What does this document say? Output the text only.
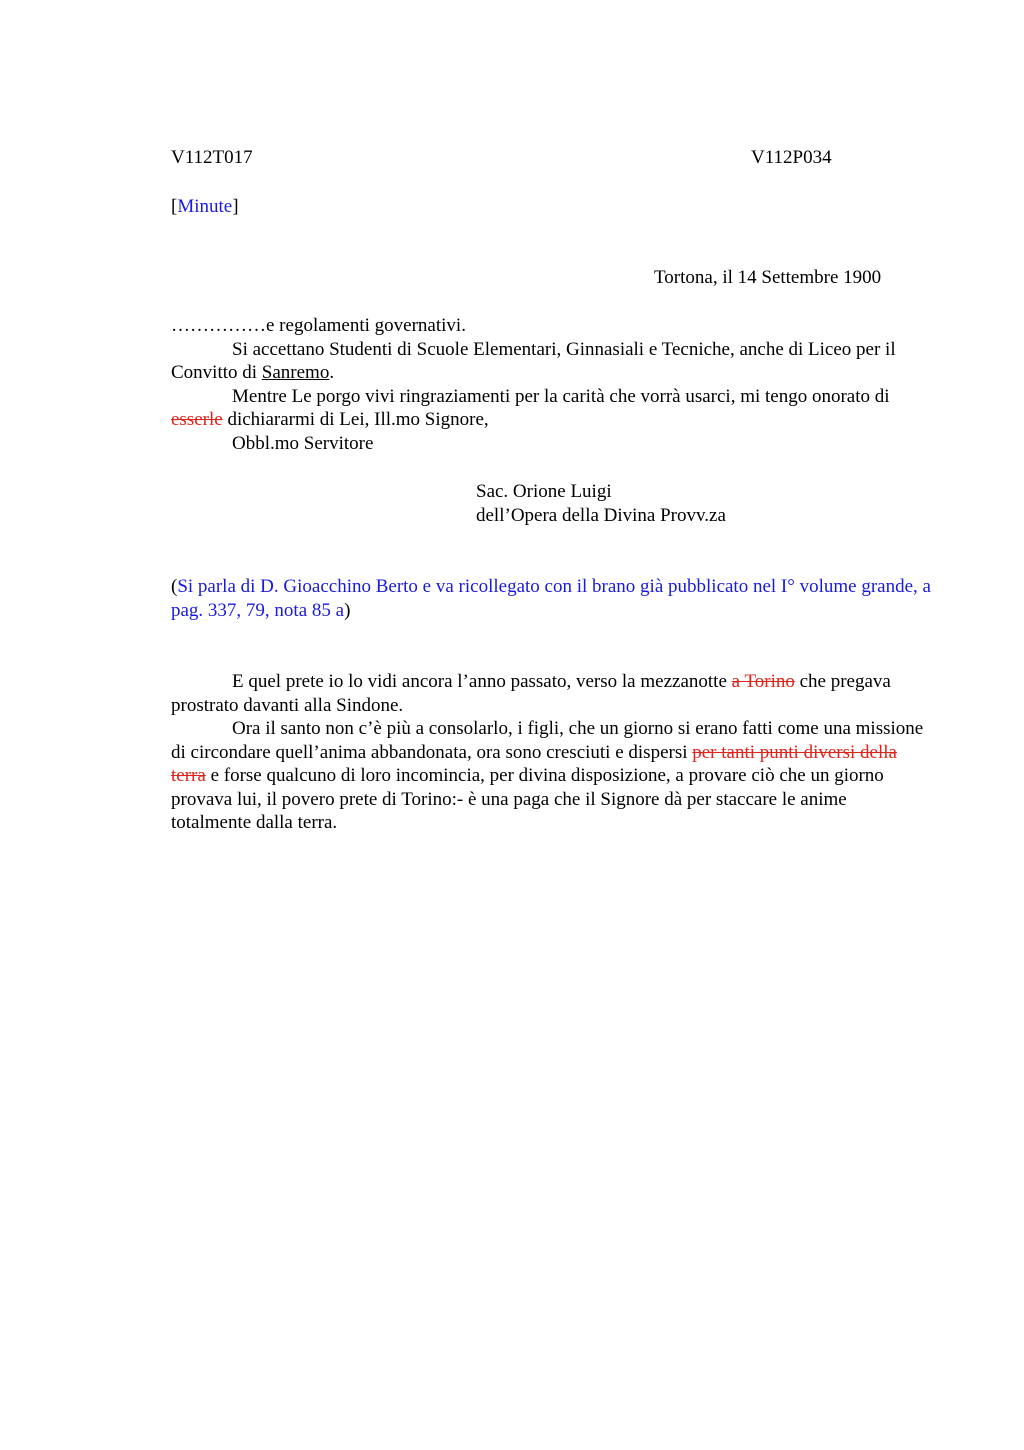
V112T017	V112P034
[Minute]
Tortona, il 14 Settembre 1900

……………e regolamenti governativi.

Si accettano Studenti di Scuole Elementari, Ginnasiali e Tecniche, anche di Liceo per il Convitto di Sanremo.

Mentre Le porgo vivi ringraziamenti per la carità che vorrà usarci, mi tengo onorato di esserle dichiararmi di Lei, Ill.mo Signore,

Obbl.mo Servitore

Sac. Orione Luigi
dell’Opera della Divina Provv.za

(Si parla di D. Gioacchino Berto e va ricollegato con il brano già pubblicato nel I° volume grande, a pag. 337, 79, nota 85 a)

E quel prete io lo vidi ancora l’anno passato, verso la mezzanotte a Torino che pregava prostrato davanti alla Sindone.

Ora il santo non c’è più a consolarlo, i figli, che un giorno si erano fatti come una missione di circondare quell’anima abbandonata, ora sono cresciuti e dispersi per tanti punti diversi della terra e forse qualcuno di loro incomincia, per divina disposizione, a provare ciò che un giorno provava lui, il povero prete di Torino:- è una paga che il Signore dà per staccare le anime totalmente dalla terra.
